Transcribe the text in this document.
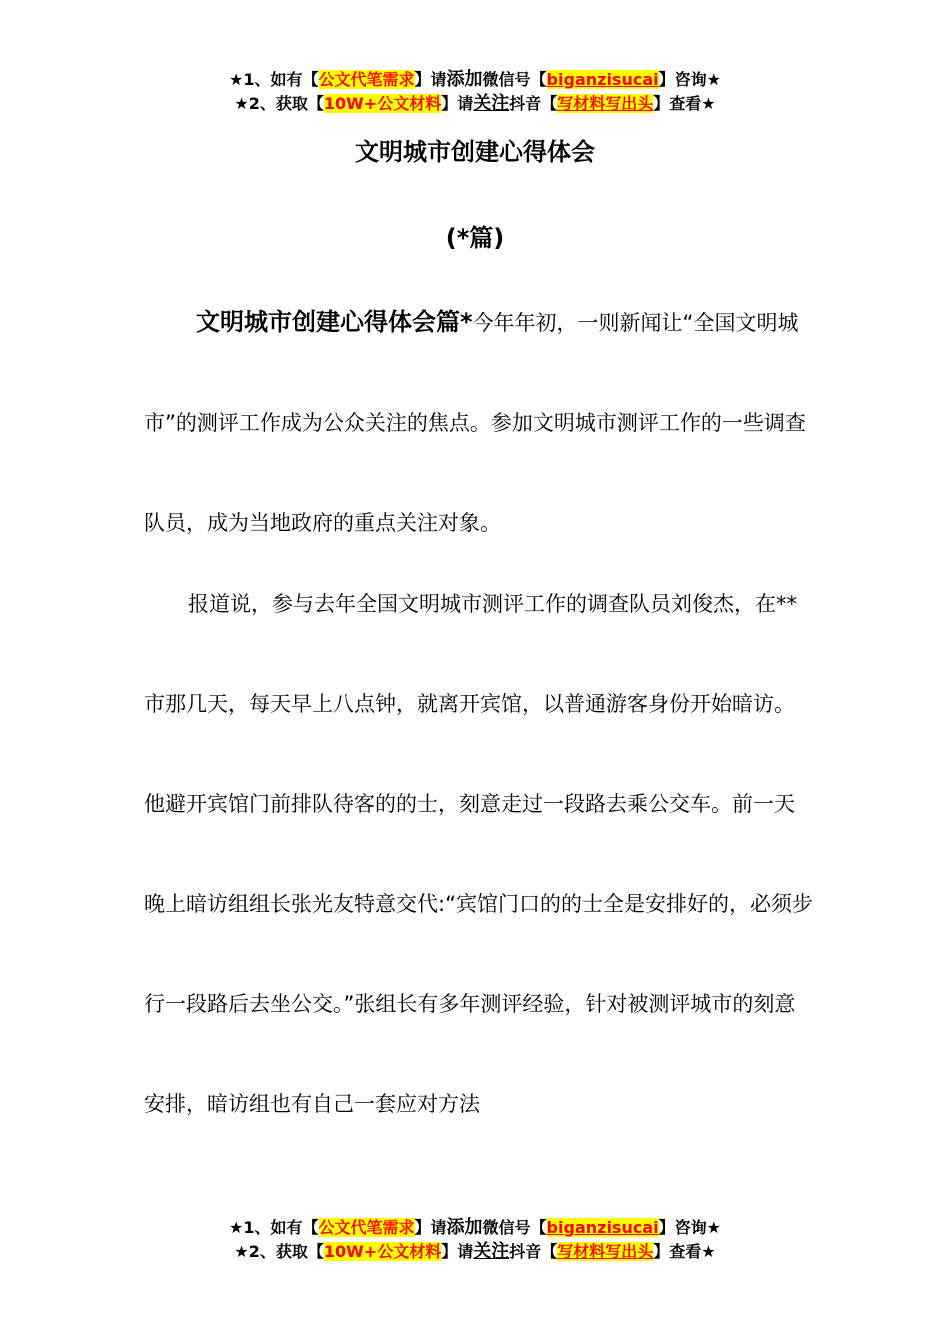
★1、如有【公文代笔需求】请添加微信号【biganzisucai】咨询★
★2、获取【10W+公文材料】请关注抖音【写材料写出头】查看★
文明城市创建心得体会
(*篇)

文明城市创建心得体会篇*今年年初，一则新闻让“全国文明城市”的测评工作成为公众关注的焦点。参加文明城市测评工作的一些调查队员，成为当地政府的重点关注对象。

报道说，参与去年全国文明城市测评工作的调查队员刘俊杰，在**市那几天，每天早上八点钟，就离开宾馆，以普通游客身份开始暗访。他避开宾馆门前排队待客的的士，刻意走过一段路去乘公交车。前一天晚上暗访组组长张光友特意交代:“宾馆门口的的士全是安排好的，必须步行一段路后去坐公交。”张组长有多年测评经验，针对被测评城市的刻意安排，暗访组也有自己一套应对方法

★1、如有【公文代笔需求】请添加微信号【biganzisucai】咨询★
★2、获取【10W+公文材料】请关注抖音【写材料写出头】查看★
